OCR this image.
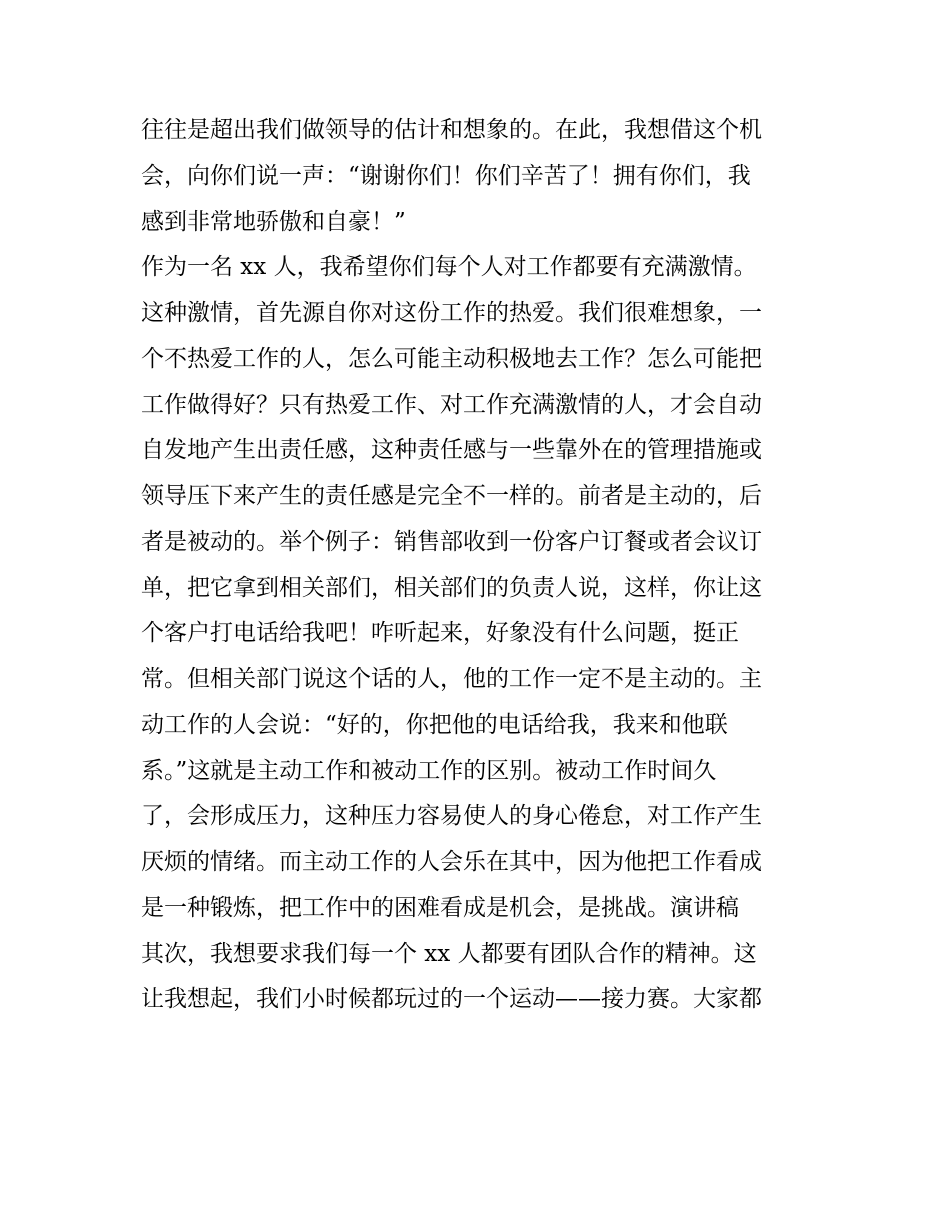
往往是超出我们做领导的估计和想象的。在此，我想借这个机
会，向你们说一声：“谢谢你们！你们辛苦了！拥有你们，我
感到非常地骄傲和自豪！”
作为一名 xx 人，我希望你们每个人对工作都要有充满激情。
这种激情，首先源自你对这份工作的热爱。我们很难想象，一
个不热爱工作的人，怎么可能主动积极地去工作？怎么可能把
工作做得好？只有热爱工作、对工作充满激情的人，才会自动
自发地产生出责任感，这种责任感与一些靠外在的管理措施或
领导压下来产生的责任感是完全不一样的。前者是主动的，后
者是被动的。举个例子：销售部收到一份客户订餐或者会议订
单，把它拿到相关部们，相关部们的负责人说，这样，你让这
个客户打电话给我吧！咋听起来，好象没有什么问题，挺正
常。但相关部门说这个话的人，他的工作一定不是主动的。主
动工作的人会说：“好的，你把他的电话给我，我来和他联
系。”这就是主动工作和被动工作的区别。被动工作时间久
了，会形成压力，这种压力容易使人的身心倦怠，对工作产生
厌烦的情绪。而主动工作的人会乐在其中，因为他把工作看成
是一种锻炼，把工作中的困难看成是机会，是挑战。演讲稿
其次，我想要求我们每一个 xx 人都要有团队合作的精神。这
让我想起，我们小时候都玩过的一个运动——接力赛。大家都
